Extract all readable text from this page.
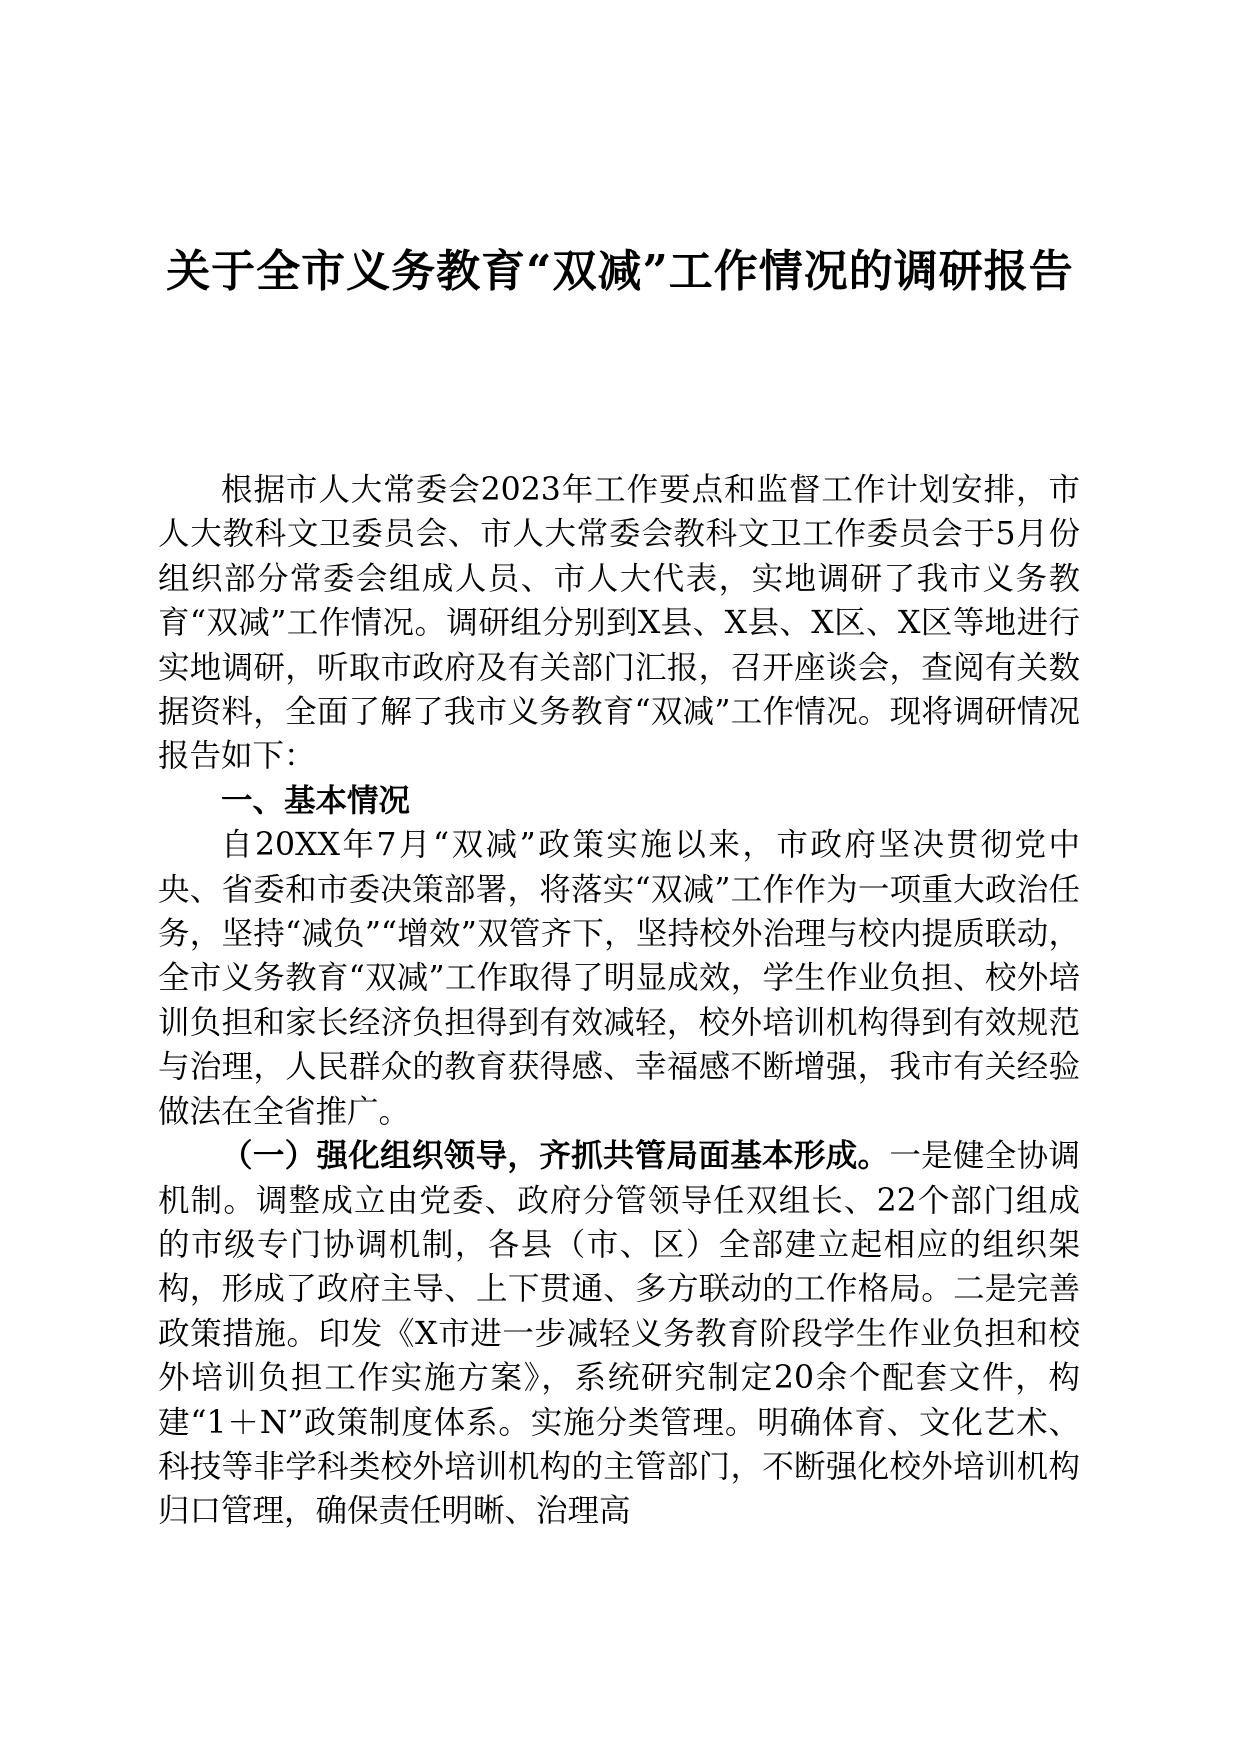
关于全市义务教育“双减”工作情况的调研报告

根据市人大常委会2023年工作要点和监督工作计划安排，市人大教科文卫委员会、市人大常委会教科文卫工作委员会于5月份组织部分常委会组成人员、市人大代表，实地调研了我市义务教育“双减”工作情况。调研组分别到X县、X县、X区、X区等地进行实地调研，听取市政府及有关部门汇报，召开座谈会，查阅有关数据资料，全面了解了我市义务教育“双减”工作情况。现将调研情况报告如下：

一、基本情况

自20XX年7月“双减”政策实施以来，市政府坚决贯彻党中央、省委和市委决策部署，将落实“双减”工作作为一项重大政治任务，坚持“减负”“增效”双管齐下，坚持校外治理与校内提质联动，全市义务教育“双减”工作取得了明显成效，学生作业负担、校外培训负担和家长经济负担得到有效减轻，校外培训机构得到有效规范与治理，人民群众的教育获得感、幸福感不断增强，我市有关经验做法在全省推广。

（一）强化组织领导，齐抓共管局面基本形成。一是健全协调机制。调整成立由党委、政府分管领导任双组长、22个部门组成的市级专门协调机制，各县（市、区）全部建立起相应的组织架构，形成了政府主导、上下贯通、多方联动的工作格局。二是完善政策措施。印发《X市进一步减轻义务教育阶段学生作业负担和校外培训负担工作实施方案》，系统研究制定20余个配套文件，构建“1＋N”政策制度体系。实施分类管理。明确体育、文化艺术、科技等非学科类校外培训机构的主管部门，不断强化校外培训机构归口管理，确保责任明晰、治理高
